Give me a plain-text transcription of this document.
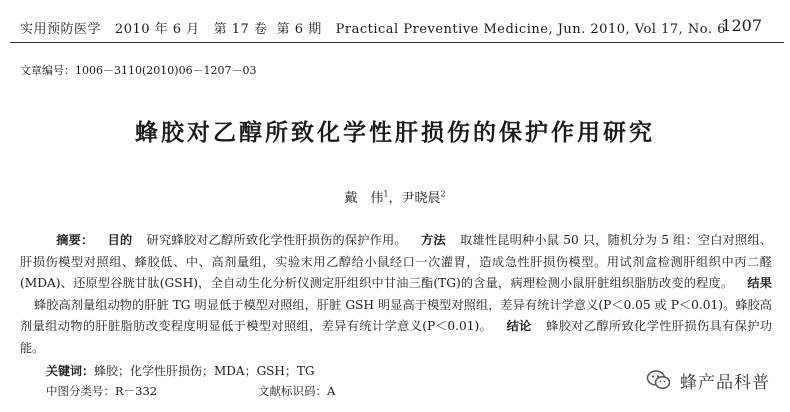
实用预防医学 2010 年 6 月 第 17 卷 第 6 期 Practical Preventive Medicine, Jun. 2010, Vol 17, No. 6
1207
文章编号：1006－3110(2010)06－1207－03
蜂胶对乙醇所致化学性肝损伤的保护作用研究
戴　伟$^1$，尹晓晨$^2$

摘要： 目的 研究蜂胶对乙醇所致化学性肝损伤的保护作用。 方法 取雄性昆明种小鼠 50 只，随机分为 5 组：空白对照组、肝损伤模型对照组、蜂胶低、中、高剂量组，实验末用乙醇给小鼠经口一次灌胃，造成急性肝损伤模型。用试剂盒检测肝组织中丙二醛(MDA)、还原型谷胱甘肽(GSH)，全自动生化分析仪测定肝组织中甘油三酯(TG)的含量，病理检测小鼠肝脏组织脂肪改变的程度。 结果蜂胶高剂量组动物的肝脏 TG 明显低于模型对照组，肝脏 GSH 明显高于模型对照组，差异有统计学意义(P＜0.05 或 P＜0.01)。蜂胶高剂量组动物的肝脏脂肪改变程度明显低于模型对照组，差异有统计学意义(P＜0.01)。 结论 蜂胶对乙醇所致化学性肝损伤具有保护功能。

关键词：蜂胶；化学性肝损伤；MDA；GSH；TG
中图分类号：R－332	文献标识码：A	蜂产品科普
